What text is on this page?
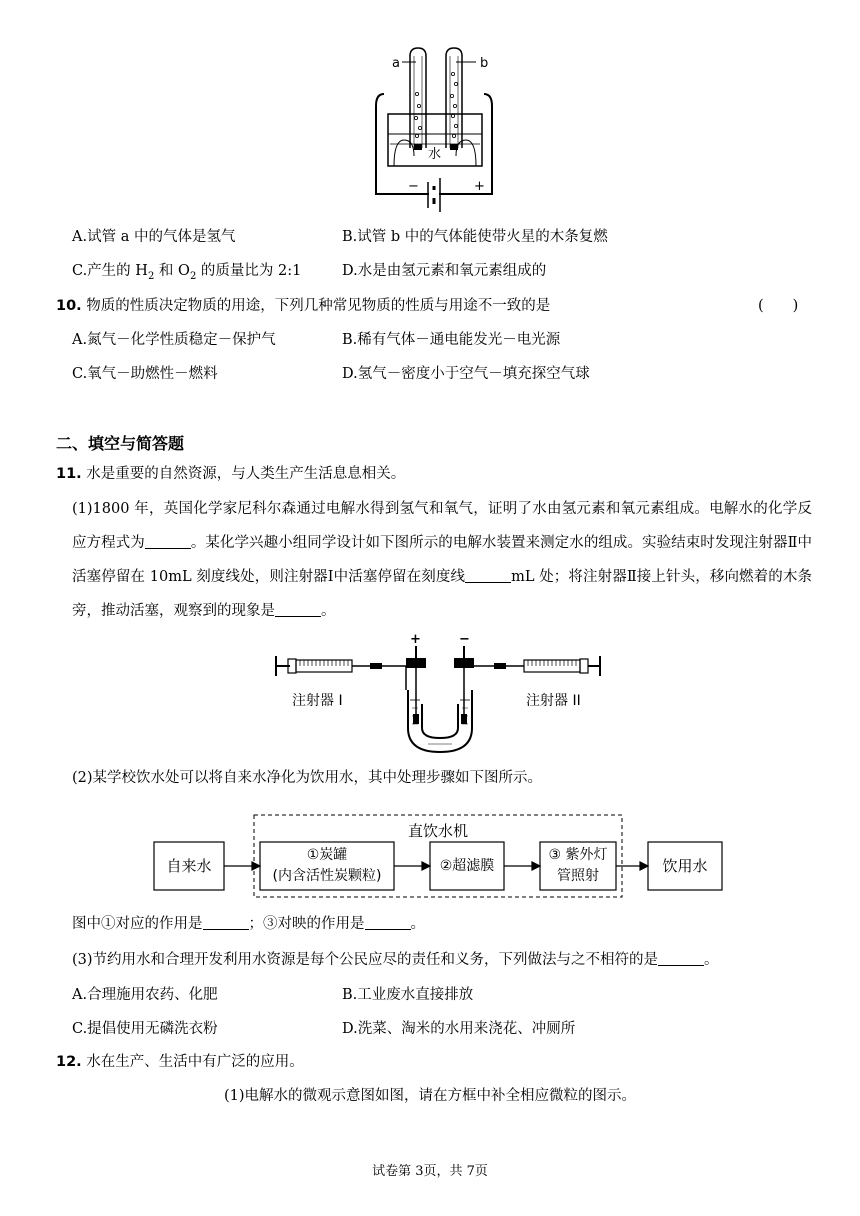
a	b
水
−	+
A.试管 a 中的气体是氢气	B.试管 b 中的气体能使带火星的木条复燃
C.产生的 $H_2$ 和 $O_2$ 的质量比为 2:1	D.水是由氢元素和氧元素组成的
10. 物质的性质决定物质的用途，下列几种常见物质的性质与用途不一致的是	(　　)
A.氮气－化学性质稳定－保护气	B.稀有气体－通电能发光－电光源
C.氧气－助燃性－燃料	D.氢气－密度小于空气－填充探空气球
二、填空与简答题
11. 水是重要的自然资源，与人类生产生活息息相关。
(1)1800 年，英国化学家尼科尔森通过电解水得到氢气和氧气，证明了水由氢元素和氧元素组成。电解水的化学反应方程式为	。某化学兴趣小组同学设计如下图所示的电解水装置来测定水的组成。实验结束时发现注射器Ⅱ中活塞停留在 10mL 刻度线处，则注射器Ⅰ中活塞停留在刻度线	mL 处；将注射器Ⅱ接上针头，移向燃着的木条旁，推动活塞，观察到的现象是	。
+	−
注射器 I	注射器 II
(2)某学校饮水处可以将自来水净化为饮用水，其中处理步骤如下图所示。
直饮水机
自来水
①炭罐
(内含活性炭颗粒)
②超滤膜
③ 紫外灯
管照射
饮用水
图中①对应的作用是	；③对映的作用是	。
(3)节约用水和合理开发利用水资源是每个公民应尽的责任和义务，下列做法与之不相符的是	。
A.合理施用农药、化肥	B.工业废水直接排放
C.提倡使用无磷洗衣粉	D.洗菜、淘米的水用来浇花、冲厕所
12. 水在生产、生活中有广泛的应用。
(1)电解水的微观示意图如图，请在方框中补全相应微粒的图示。
试卷第 3页，共 7页
